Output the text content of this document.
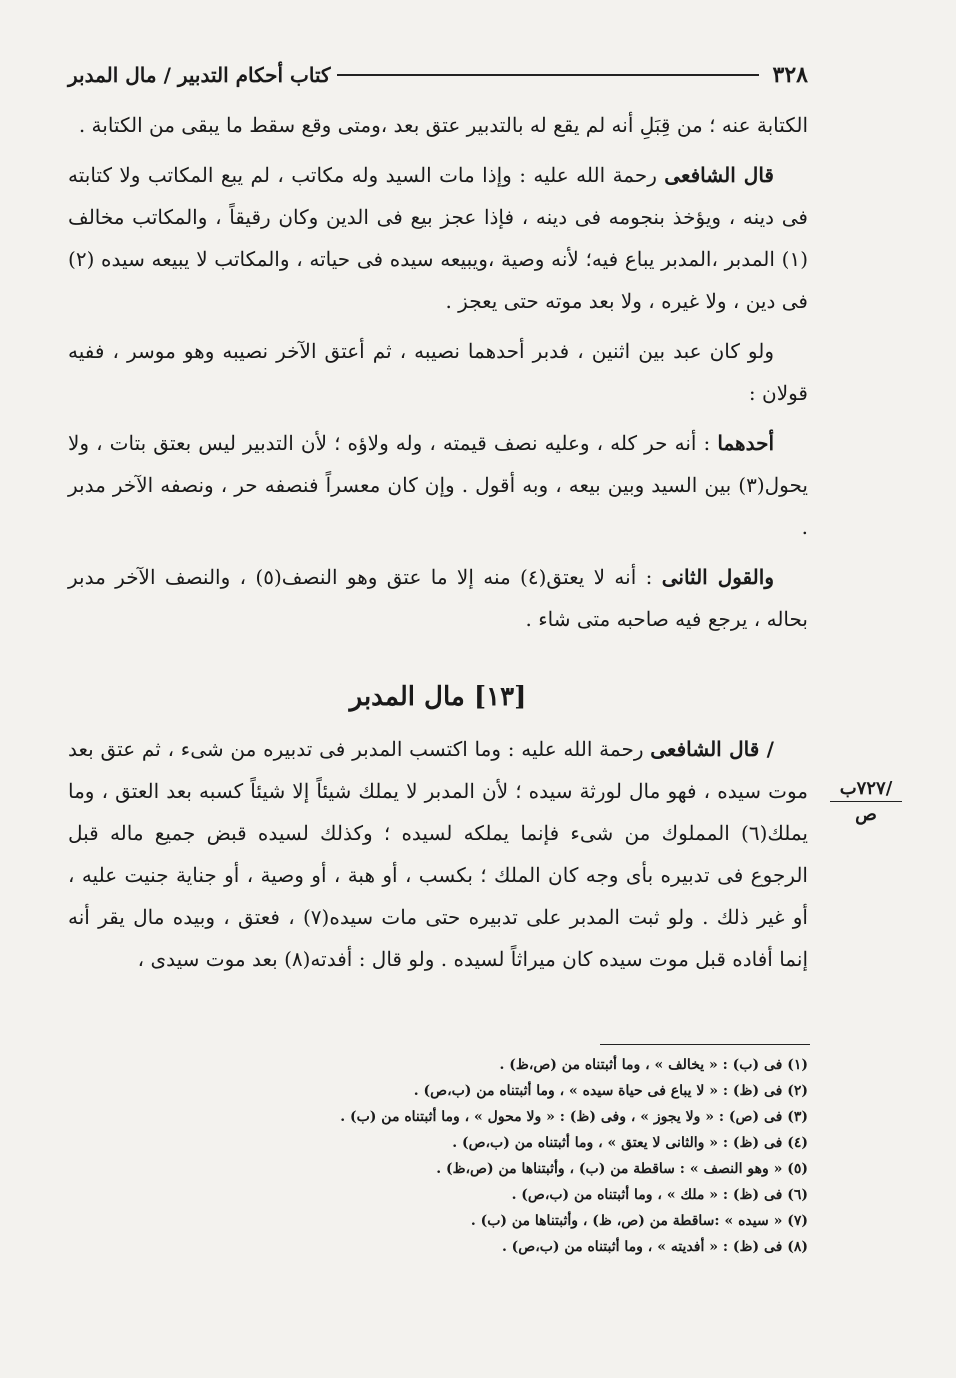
٣٢٨
كتاب أحكام التدبير / مال المدبر

الكتابة عنه ؛ من قِبَلِ أنه لم يقع له بالتدبير عتق بعد ،ومتى وقع سقط ما يبقى من الكتابة .

قال الشافعى رحمة الله عليه : وإذا مات السيد وله مكاتب ، لم يبع المكاتب ولا كتابته فى دينه ، ويؤخذ بنجومه فى دينه ، فإذا عجز بيع فى الدين وكان رقيقاً ، والمكاتب مخالف (١) المدبر ،المدبر يباع فيه؛ لأنه وصية ،ويبيعه سيده فى حياته ، والمكاتب لا يبيعه سيده (٢) فى دين ، ولا غيره ، ولا بعد موته حتى يعجز .

ولو كان عبد بين اثنين ، فدبر أحدهما نصيبه ، ثم أعتق الآخر نصيبه وهو موسر ، ففيه قولان :

أحدهما : أنه حر كله ، وعليه نصف قيمته ، وله ولاؤه ؛ لأن التدبير ليس بعتق بتات ، ولا يحول(٣) بين السيد وبين بيعه ، وبه أقول . وإن كان معسراً فنصفه حر ، ونصفه الآخر مدبر .

والقول الثانى : أنه لا يعتق(٤) منه إلا ما عتق وهو النصف(٥) ، والنصف الآخر مدبر بحاله ، يرجع فيه صاحبه متى شاء .

[١٣] مال المدبر

/ قال الشافعى رحمة الله عليه : وما اكتسب المدبر فى تدبيره من شىء ، ثم عتق بعد موت سيده ، فهو مال لورثة سيده ؛ لأن المدبر لا يملك شيئاً إلا شيئاً كسبه بعد العتق ، وما يملك(٦) المملوك من شىء فإنما يملكه لسيده ؛ وكذلك لسيده قبض جميع ماله قبل الرجوع فى تدبيره بأى وجه كان الملك ؛ بكسب ، أو هبة ، أو وصية ، أو جناية جنيت عليه ، أو غير ذلك . ولو ثبت المدبر على تدبيره حتى مات سيده(٧) ، فعتق ، وبيده مال يقر أنه إنما أفاده قبل موت سيده كان ميراثاً لسيده . ولو قال : أفدته(٨) بعد موت سيدى ،

/٧٢٧ب
ص
(١) فى (ب) : « يخالف » ، وما أثبتناه من (ص،ظ) .
(٢) فى (ظ) : « لا يباع فى حياة سيده » ، وما أثبتناه من (ب،ص) .
(٣) فى (ص) : « ولا يجوز » ، وفى (ظ) : « ولا محول » ، وما أثبتناه من (ب) .
(٤) فى (ظ) : « والثانى لا يعتق » ، وما أثبتناه من (ب،ص) .
(٥) « وهو النصف » : ساقطة من (ب) ، وأثبتناها من (ص،ظ) .
(٦) فى (ظ) : « ملك » ، وما أثبتناه من (ب،ص) .
(٧) « سيده » :ساقطة من (ص، ظ) ، وأثبتناها من (ب) .
(٨) فى (ظ) : « أفديته » ، وما أثبتناه من (ب،ص) .
